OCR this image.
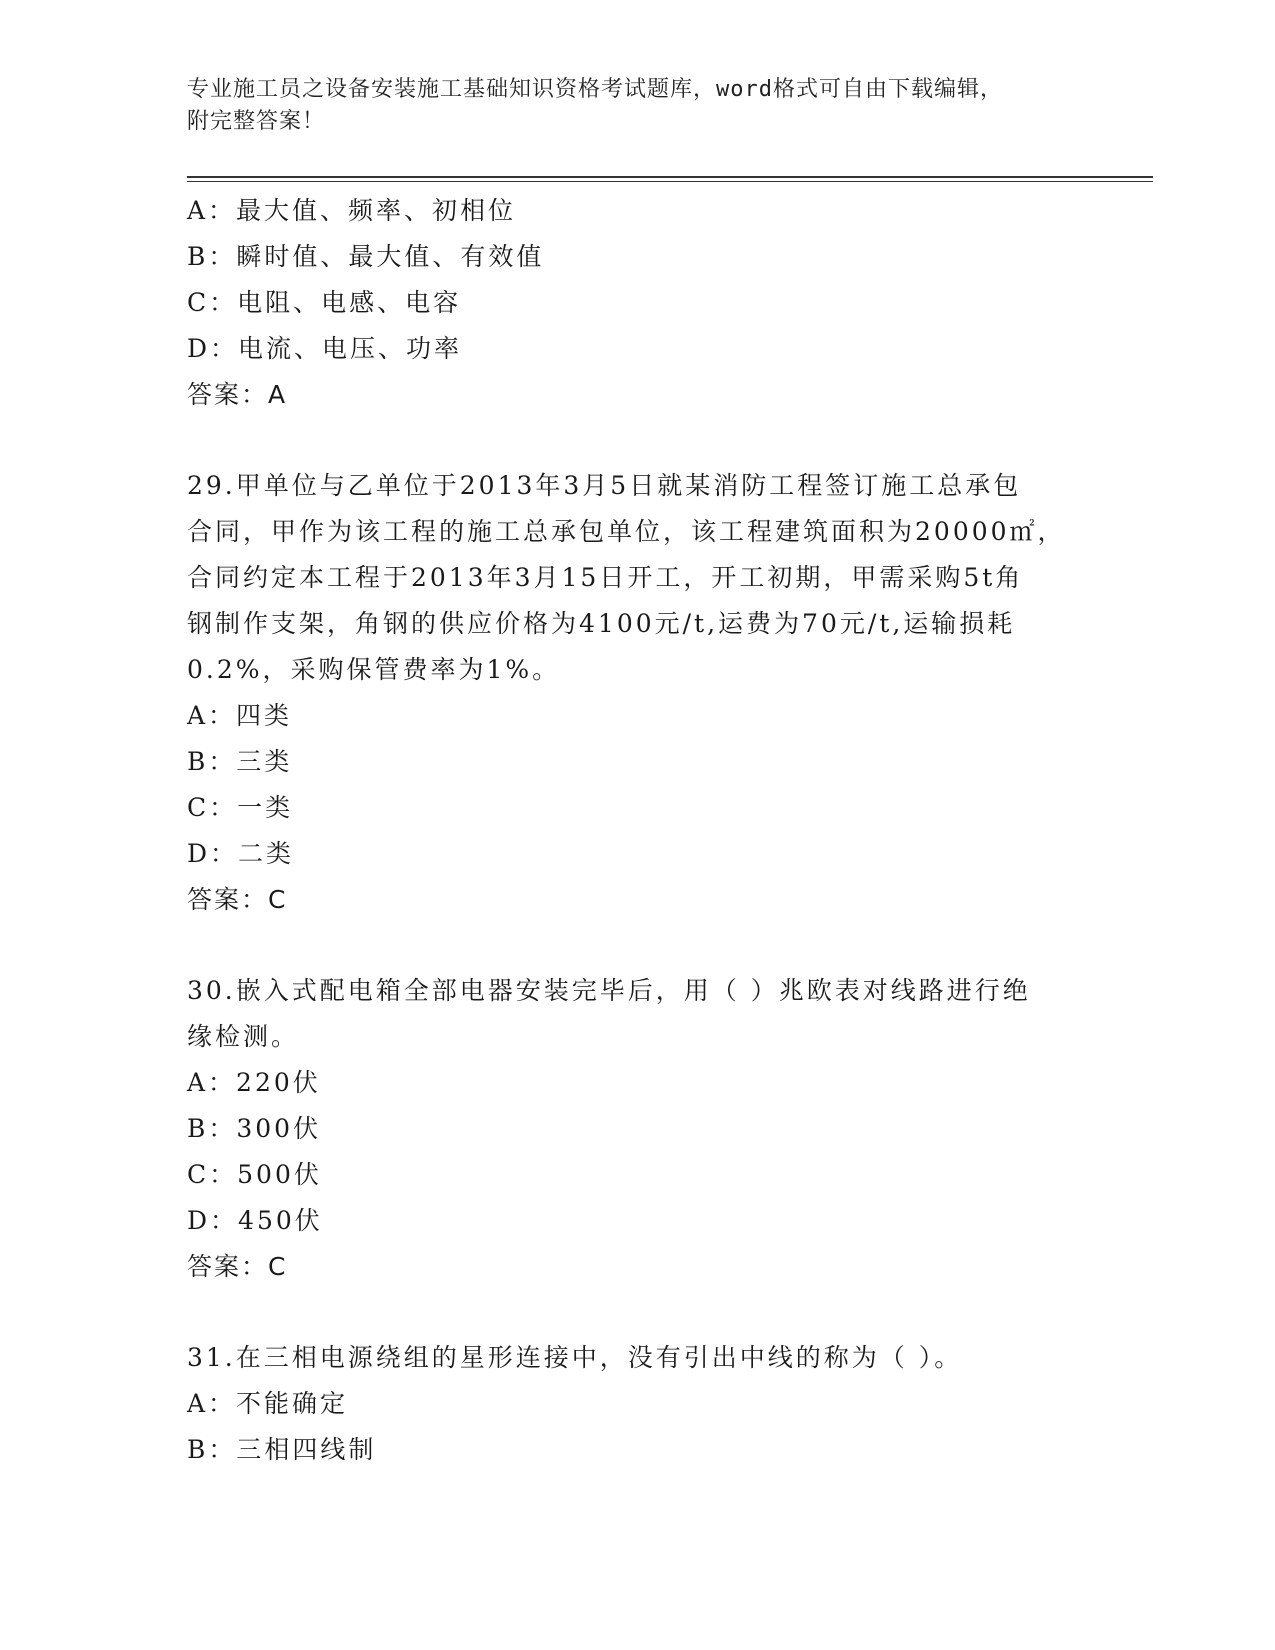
专业施工员之设备安装施工基础知识资格考试题库，word格式可自由下载编辑，
附完整答案！
A：最大值、频率、初相位
B：瞬时值、最大值、有效值
C：电阻、电感、电容
D：电流、电压、功率
答案：A
29.甲单位与乙单位于2013年3月5日就某消防工程签订施工总承包
合同，甲作为该工程的施工总承包单位，该工程建筑面积为20000㎡，
合同约定本工程于2013年3月15日开工，开工初期，甲需采购5t角
钢制作支架，角钢的供应价格为4100元/t,运费为70元/t,运输损耗
0.2%，采购保管费率为1%。
A：四类
B：三类
C：一类
D：二类
答案：C
30.嵌入式配电箱全部电器安装完毕后，用（ ）兆欧表对线路进行绝
缘检测。
A：220伏
B：300伏
C：500伏
D：450伏
答案：C
31.在三相电源绕组的星形连接中，没有引出中线的称为（ ）。
A：不能确定
B：三相四线制
